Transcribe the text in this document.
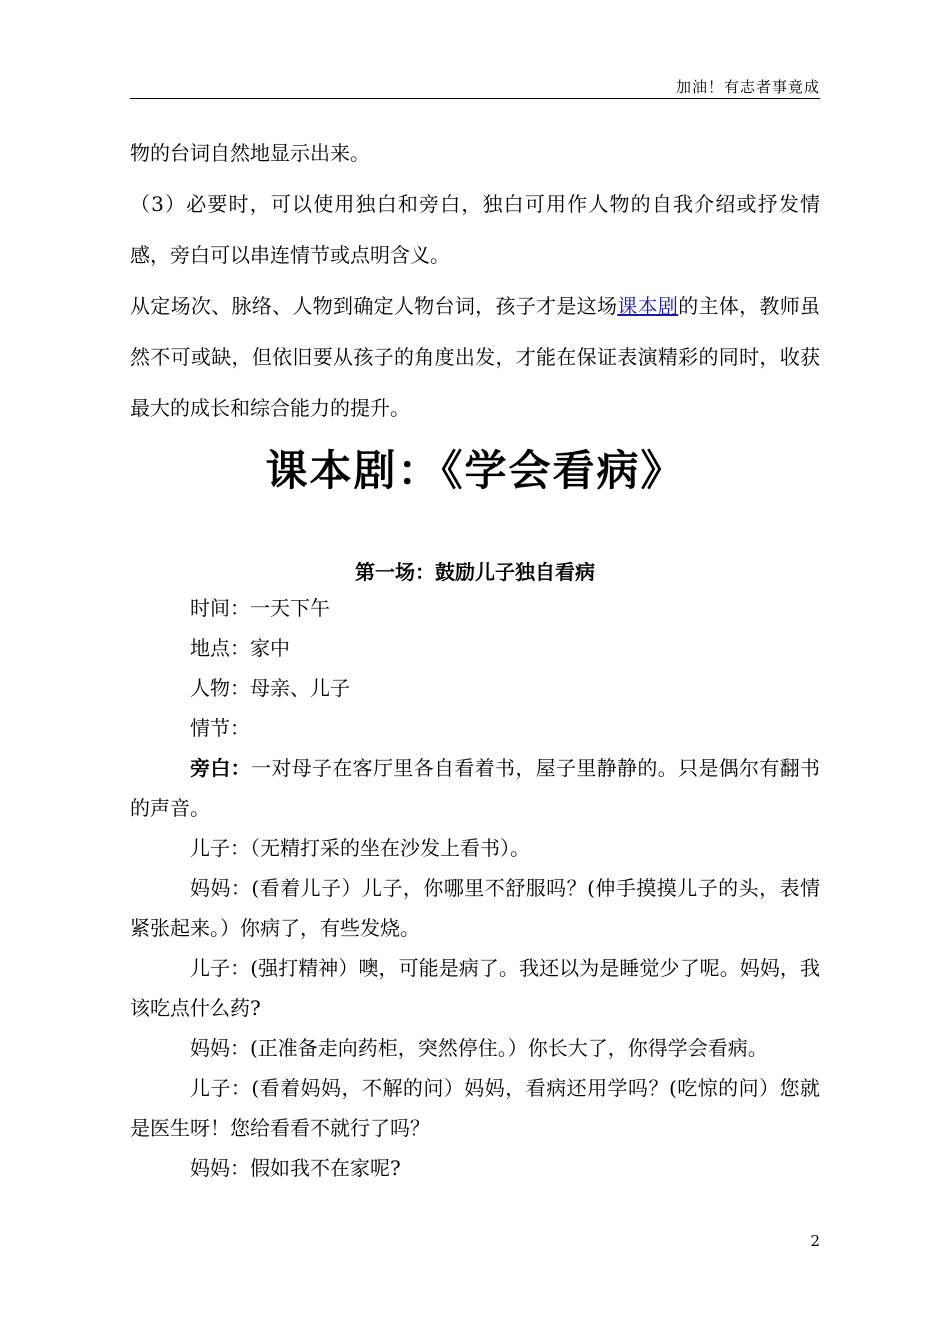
加油！有志者事竟成

物的台词自然地显示出来。

（3）必要时，可以使用独白和旁白，独白可用作人物的自我介绍或抒发情感，旁白可以串连情节或点明含义。

从定场次、脉络、人物到确定人物台词，孩子才是这场课本剧的主体，教师虽然不可或缺，但依旧要从孩子的角度出发，才能在保证表演精彩的同时，收获最大的成长和综合能力的提升。

课本剧：《学会看病》
第一场：鼓励儿子独自看病

时间：一天下午

地点：家中

人物：母亲、儿子

情节：

旁白：一对母子在客厅里各自看着书，屋子里静静的。只是偶尔有翻书的声音。

儿子：（无精打采的坐在沙发上看书）。

妈妈：(看着儿子）儿子，你哪里不舒服吗？(伸手摸摸儿子的头，表情紧张起来。）你病了，有些发烧。

儿子：(强打精神）噢，可能是病了。我还以为是睡觉少了呢。妈妈，我该吃点什么药?

妈妈：(正准备走向药柜，突然停住。）你长大了，你得学会看病。

儿子：(看着妈妈，不解的问）妈妈，看病还用学吗？(吃惊的问）您就是医生呀！您给看看不就行了吗？

妈妈：假如我不在家呢?

2
